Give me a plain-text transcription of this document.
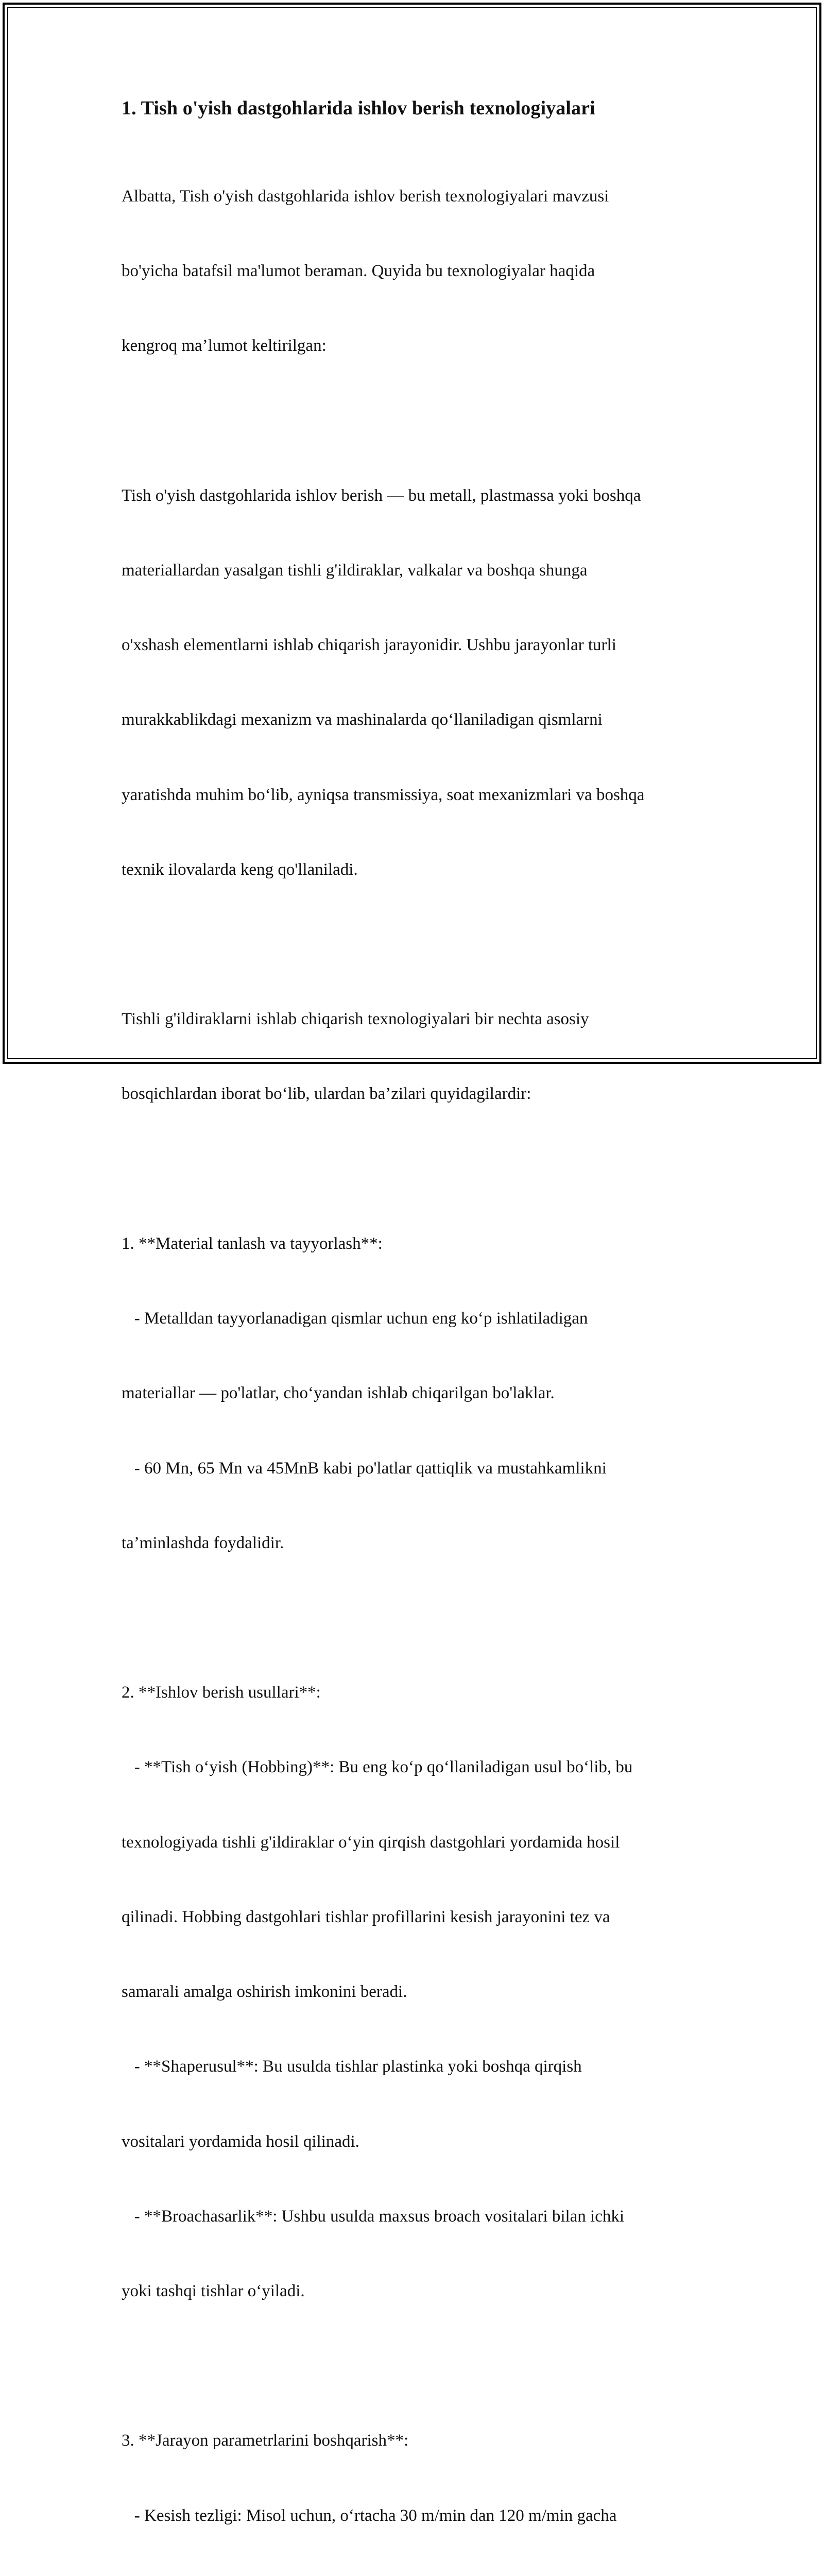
1. Tish o'yish dastgohlarida ishlov berish texnologiyalari

Albatta, Tish o'yish dastgohlarida ishlov berish texnologiyalari mavzusi

bo'yicha batafsil ma'lumot beraman. Quyida bu texnologiyalar haqida

kengroq ma’lumot keltirilgan:

Tish o'yish dastgohlarida ishlov berish — bu metall, plastmassa yoki boshqa

materiallardan yasalgan tishli g'ildiraklar, valkalar va boshqa shunga

o'xshash elementlarni ishlab chiqarish jarayonidir. Ushbu jarayonlar turli

murakkablikdagi mexanizm va mashinalarda qo‘llaniladigan qismlarni

yaratishda muhim bo‘lib, ayniqsa transmissiya, soat mexanizmlari va boshqa

texnik ilovalarda keng qo'llaniladi.

Tishli g'ildiraklarni ishlab chiqarish texnologiyalari bir nechta asosiy

bosqichlardan iborat bo‘lib, ulardan ba’zilari quyidagilardir:

1. **Material tanlash va tayyorlash**:

- Metalldan tayyorlanadigan qismlar uchun eng ko‘p ishlatiladigan

materiallar — po'latlar, cho‘yandan ishlab chiqarilgan bo'laklar.

- 60 Mn, 65 Mn va 45MnB kabi po'latlar qattiqlik va mustahkamlikni

ta’minlashda foydalidir.

2. **Ishlov berish usullari**:

- **Tish o‘yish (Hobbing)**: Bu eng ko‘p qo‘llaniladigan usul bo‘lib, bu

texnologiyada tishli g'ildiraklar o‘yin qirqish dastgohlari yordamida hosil

qilinadi. Hobbing dastgohlari tishlar profillarini kesish jarayonini tez va

samarali amalga oshirish imkonini beradi.

- **Shaperusul**: Bu usulda tishlar plastinka yoki boshqa qirqish

vositalari yordamida hosil qilinadi.

- **Broachasarlik**: Ushbu usulda maxsus broach vositalari bilan ichki

yoki tashqi tishlar o‘yiladi.

3. **Jarayon parametrlarini boshqarish**:

- Kesish tezligi: Misol uchun, o‘rtacha 30 m/min dan 120 m/min gacha
